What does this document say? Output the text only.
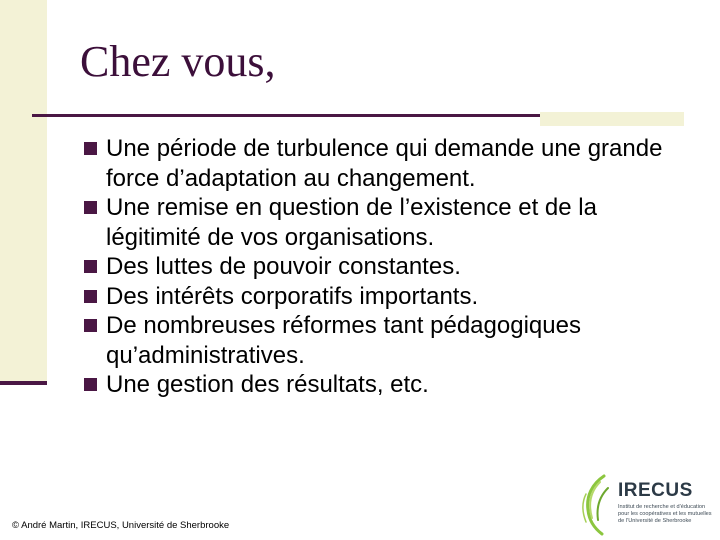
Chez vous,
Une période de turbulence qui demande une grande force d’adaptation au changement.
Une remise en question de l’existence et de la légitimité de vos organisations.
Des luttes de pouvoir constantes.
Des intérêts corporatifs importants.
De nombreuses réformes tant pédagogiques qu’administratives.
Une gestion des résultats, etc.
© André Martin, IRECUS, Université de Sherbrooke
IRECUS
Institut de recherche et d’éducation pour les coopératives et les mutuelles de l’Université de Sherbrooke
